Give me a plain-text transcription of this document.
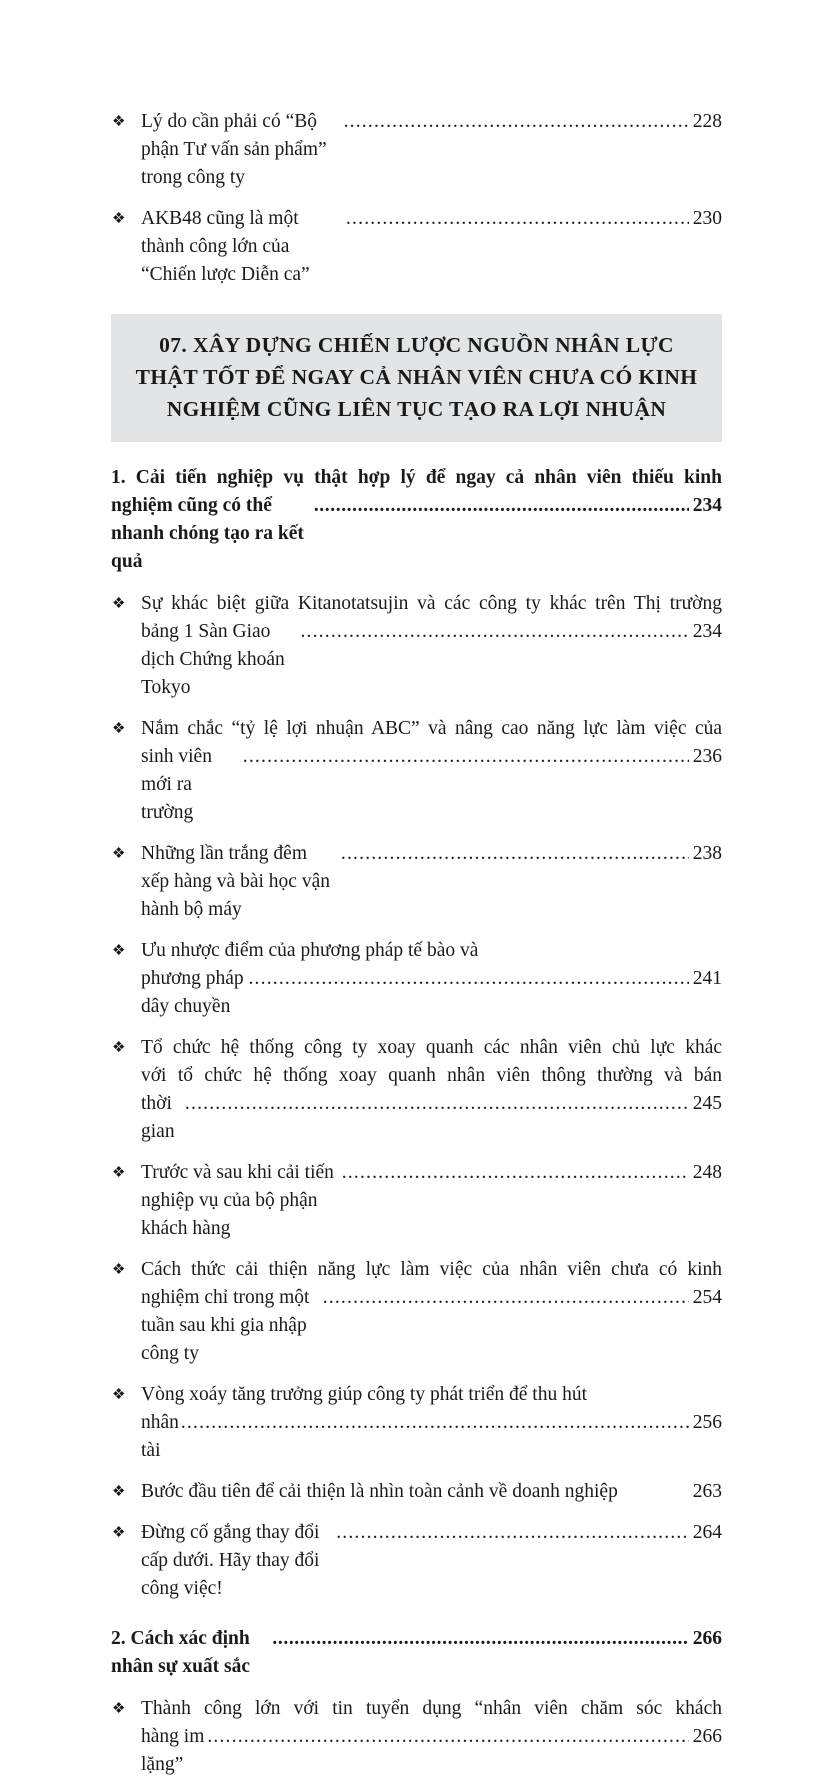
❖ Lý do cần phải có “Bộ phận Tư vấn sản phẩm” trong công ty
.....
228
❖ AKB48 cũng là một thành công lớn của “Chiến lược Diễn ca”
.....
230
07. XÂY DỰNG CHIẾN LƯỢC NGUỒN NHÂN LỰC
THẬT TỐT ĐỂ NGAY CẢ NHÂN VIÊN CHƯA CÓ KINH
NGHIỆM CŨNG LIÊN TỤC TẠO RA LỢI NHUẬN
1. Cải tiến nghiệp vụ thật hợp lý để ngay cả nhân viên thiếu kinh
nghiệm cũng có thể nhanh chóng tạo ra kết quả
.....
234
❖ Sự khác biệt giữa Kitanotatsujin và các công ty khác trên Thị trường
bảng 1 Sàn Giao dịch Chứng khoán Tokyo
.....
234
❖ Nắm chắc “tỷ lệ lợi nhuận ABC” và nâng cao năng lực làm việc của
sinh viên mới ra trường
.....
236
❖ Những lần trắng đêm xếp hàng và bài học vận hành bộ máy
.....
238
❖ Ưu nhược điểm của phương pháp tế bào và
phương pháp dây chuyền
.....
241
❖ Tổ chức hệ thống công ty xoay quanh các nhân viên chủ lực khác
với tổ chức hệ thống xoay quanh nhân viên thông thường và bán
thời gian
.....
245
❖ Trước và sau khi cải tiến nghiệp vụ của bộ phận khách hàng
.....
248
❖ Cách thức cải thiện năng lực làm việc của nhân viên chưa có kinh
nghiệm chỉ trong một tuần sau khi gia nhập công ty
.....
254
❖ Vòng xoáy tăng trưởng giúp công ty phát triển để thu hút
nhân tài
.....
256
❖ Bước đầu tiên để cải thiện là nhìn toàn cảnh về doanh nghiệp	263
❖ Đừng cố gắng thay đổi cấp dưới. Hãy thay đổi công việc!
.....
264
2. Cách xác định nhân sự xuất sắc
.....
266
❖ Thành công lớn với tin tuyển dụng “nhân viên chăm sóc khách
hàng im lặng”
.....
266
